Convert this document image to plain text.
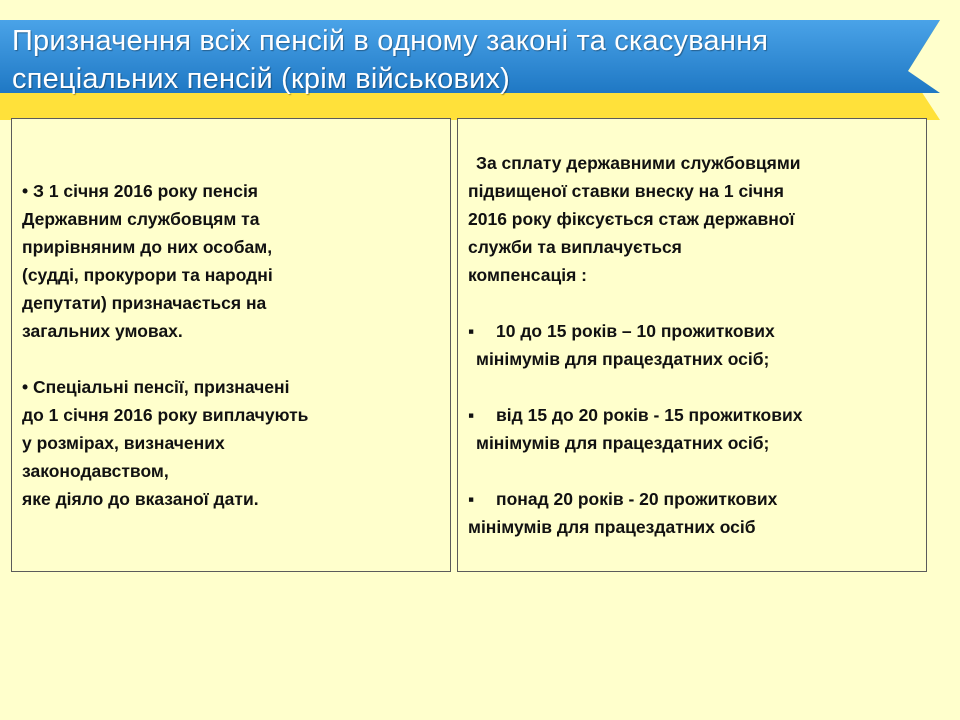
Призначення всіх пенсій в одному законі та скасування
спеціальних пенсій (крім військових)

• З 1 січня 2016 року пенсія
Державним службовцям та
прирівняним до них особам,
(судді, прокурори та народні
депутати) призначається на
загальних умовах.

• Спеціальні пенсії, призначені
до 1 січня 2016 року виплачують
у розмірах, визначених
законодавством,
яке діяло до вказаної дати.

За сплату державними службовцями
підвищеної ставки внеску на 1 січня
2016 року фіксується стаж державної
служби та виплачується
компенсація :

▪ 10 до 15 років – 10 прожиткових
мінімумів для працездатних осіб;

▪ від 15 до 20 років - 15 прожиткових
мінімумів для працездатних осіб;

▪ понад 20 років - 20 прожиткових
мінімумів для працездатних осіб
